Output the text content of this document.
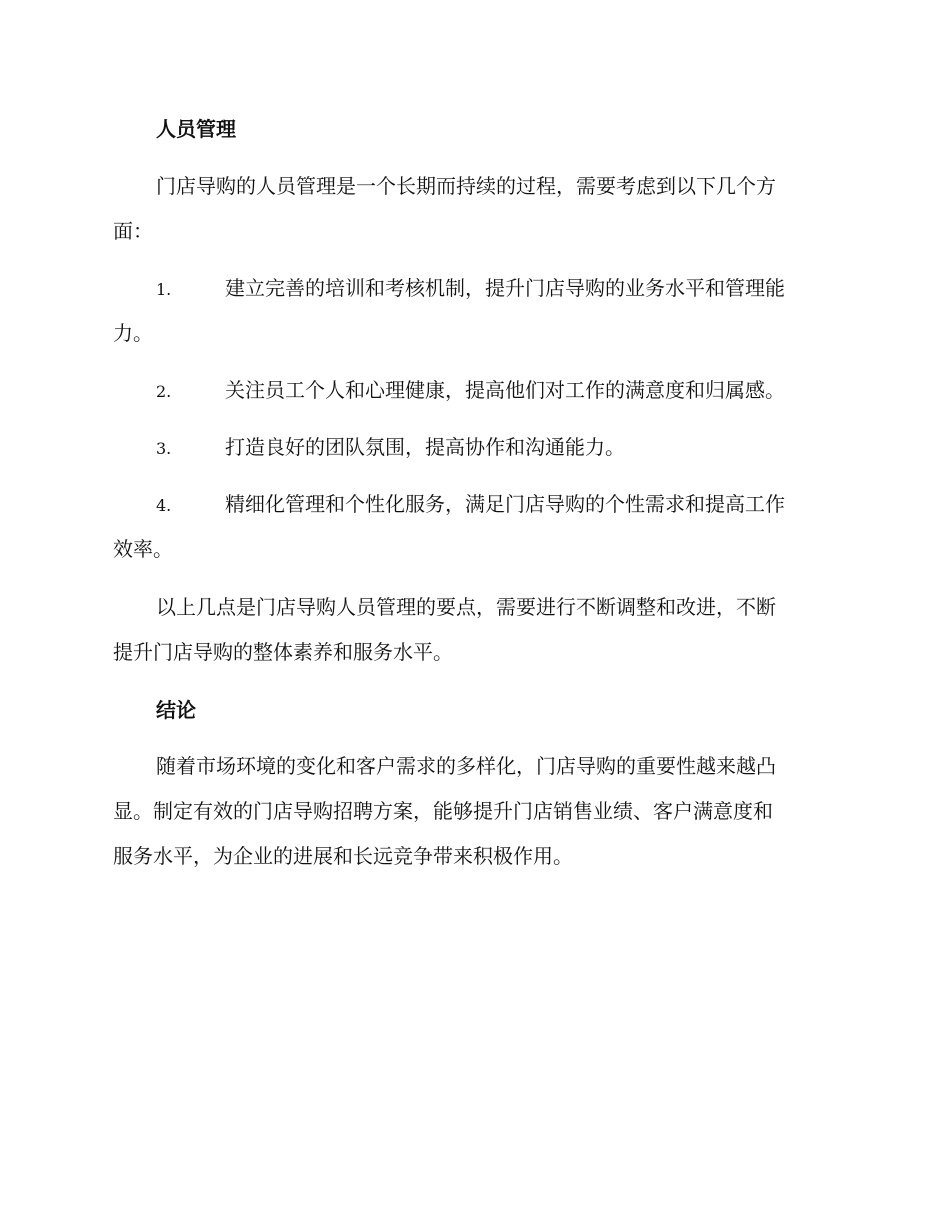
人员管理
门店导购的人员管理是一个长期而持续的过程，需要考虑到以下几个方
面：
1.	建立完善的培训和考核机制，提升门店导购的业务水平和管理能
力。
2.	关注员工个人和心理健康，提高他们对工作的满意度和归属感。
3.	打造良好的团队氛围，提高协作和沟通能力。
4.	精细化管理和个性化服务，满足门店导购的个性需求和提高工作
效率。
以上几点是门店导购人员管理的要点，需要进行不断调整和改进，不断
提升门店导购的整体素养和服务水平。
结论
随着市场环境的变化和客户需求的多样化，门店导购的重要性越来越凸
显。制定有效的门店导购招聘方案，能够提升门店销售业绩、客户满意度和
服务水平，为企业的进展和长远竞争带来积极作用。
